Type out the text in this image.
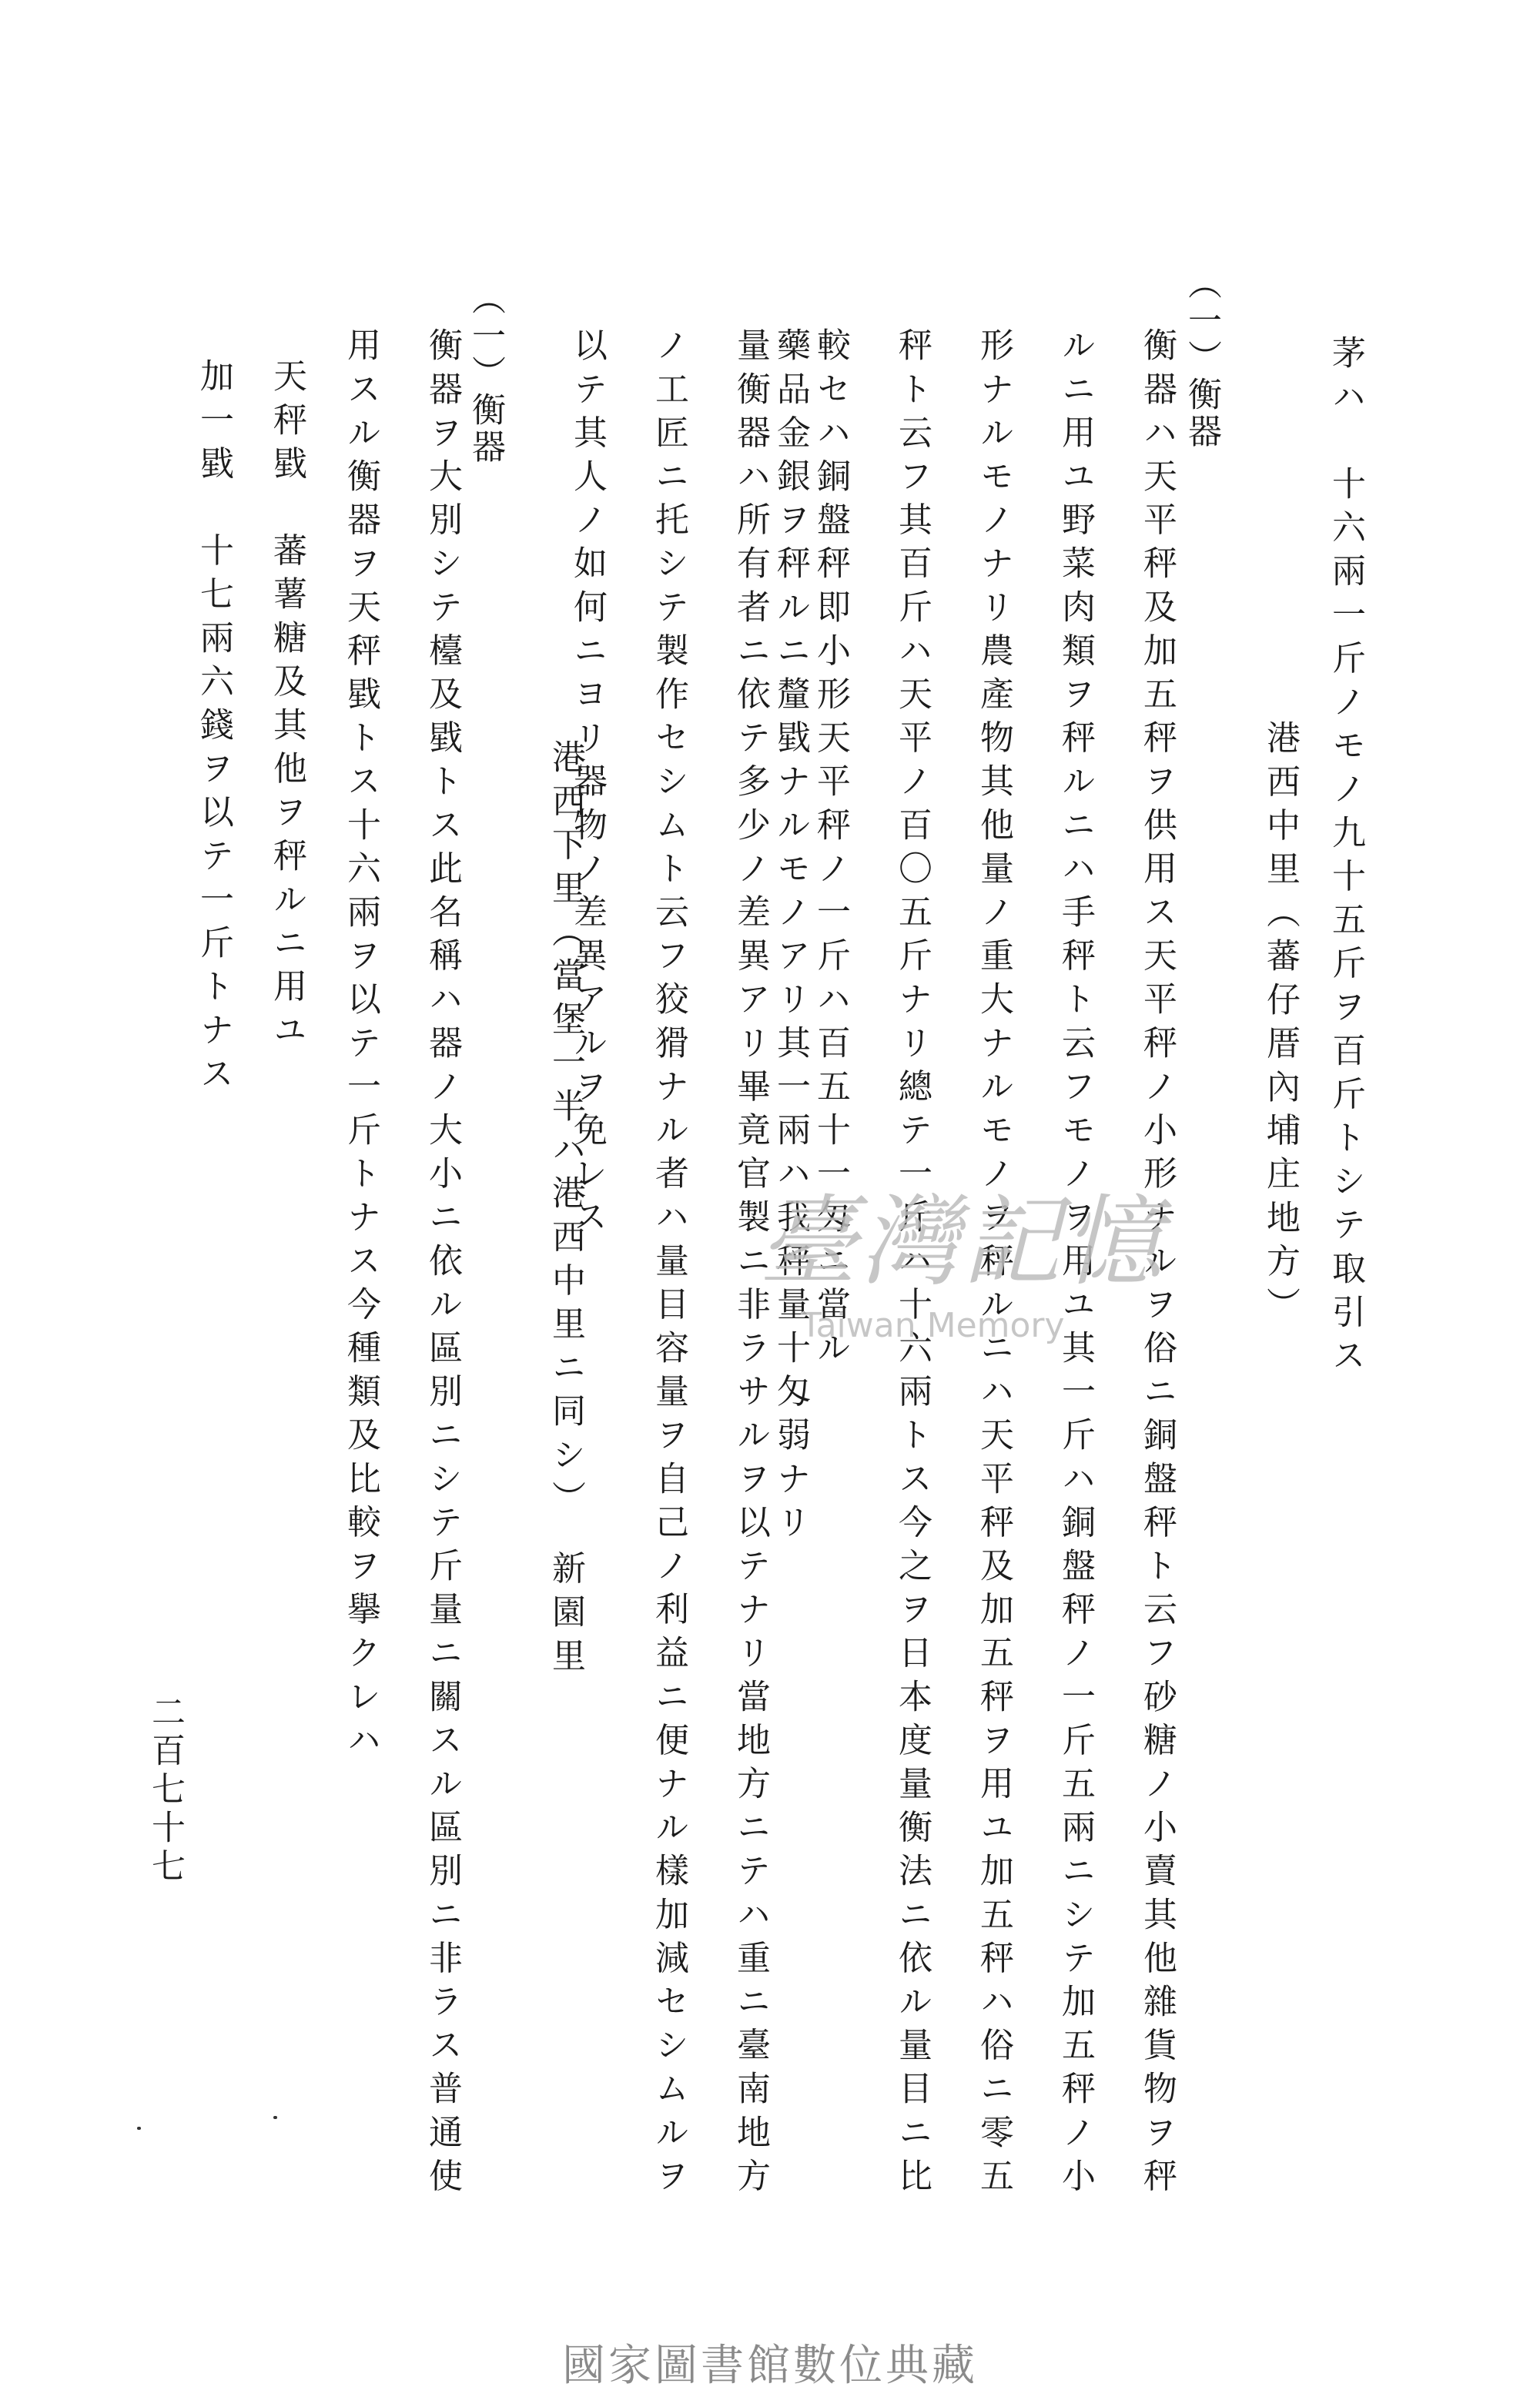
茅ハ　十六兩一斤ノモノ九十五斤ヲ百斤トシテ取引ス
港西中里（蕃仔厝內埔庄地方）
（一）衡器
衡器ハ天平秤及加五秤ヲ供用ス天平秤ノ小形ナルヲ俗ニ銅盤秤ト云フ砂糖ノ小賣其他雜貨物ヲ秤
ルニ用ユ野菜肉類ヲ秤ルニハ手秤ト云フモノヲ用ユ其一斤ハ銅盤秤ノ一斤五兩ニシテ加五秤ノ小
形ナルモノナリ農產物其他量ノ重大ナルモノヲ秤ルニハ天平秤及加五秤ヲ用ユ加五秤ハ俗ニ零五
秤ト云フ其百斤ハ天平ノ百〇五斤ナリ總テ一斤ハ十六兩トス今之ヲ日本度量衡法ニ依ル量目ニ比
較セハ銅盤秤即小形天平秤ノ一斤ハ百五十一匁ニ當ル
藥品金銀ヲ秤ルニ釐戥ナルモノアリ其一兩ハ我秤量十匁弱ナリ
量衡器ハ所有者ニ依テ多少ノ差異アリ畢竟官製ニ非ラサルヲ以テナリ當地方ニテハ重ニ臺南地方
ノ工匠ニ托シテ製作セシムト云フ狡猾ナル者ハ量目容量ヲ自己ノ利益ニ便ナル樣加減セシムルヲ
以テ其人ノ如何ニヨリ器物ノ差異アルヲ免レス
港西下里（當堡一半ハ港西中里ニ同シ）　新園里
（一）衡器
衡器ヲ大別シテ檯及戥トス此名稱ハ器ノ大小ニ依ル區別ニシテ斤量ニ關スル區別ニ非ラス普通使
用スル衡器ヲ天秤戥トス十六兩ヲ以テ一斤トナス今種類及比較ヲ擧クレハ
天秤戥　蕃薯糖及其他ヲ秤ルニ用ユ
加一戥　十七兩六錢ヲ以テ一斤トナス
二百七十七
臺灣記憶
Taiwan Memory
國家圖書館數位典藏
